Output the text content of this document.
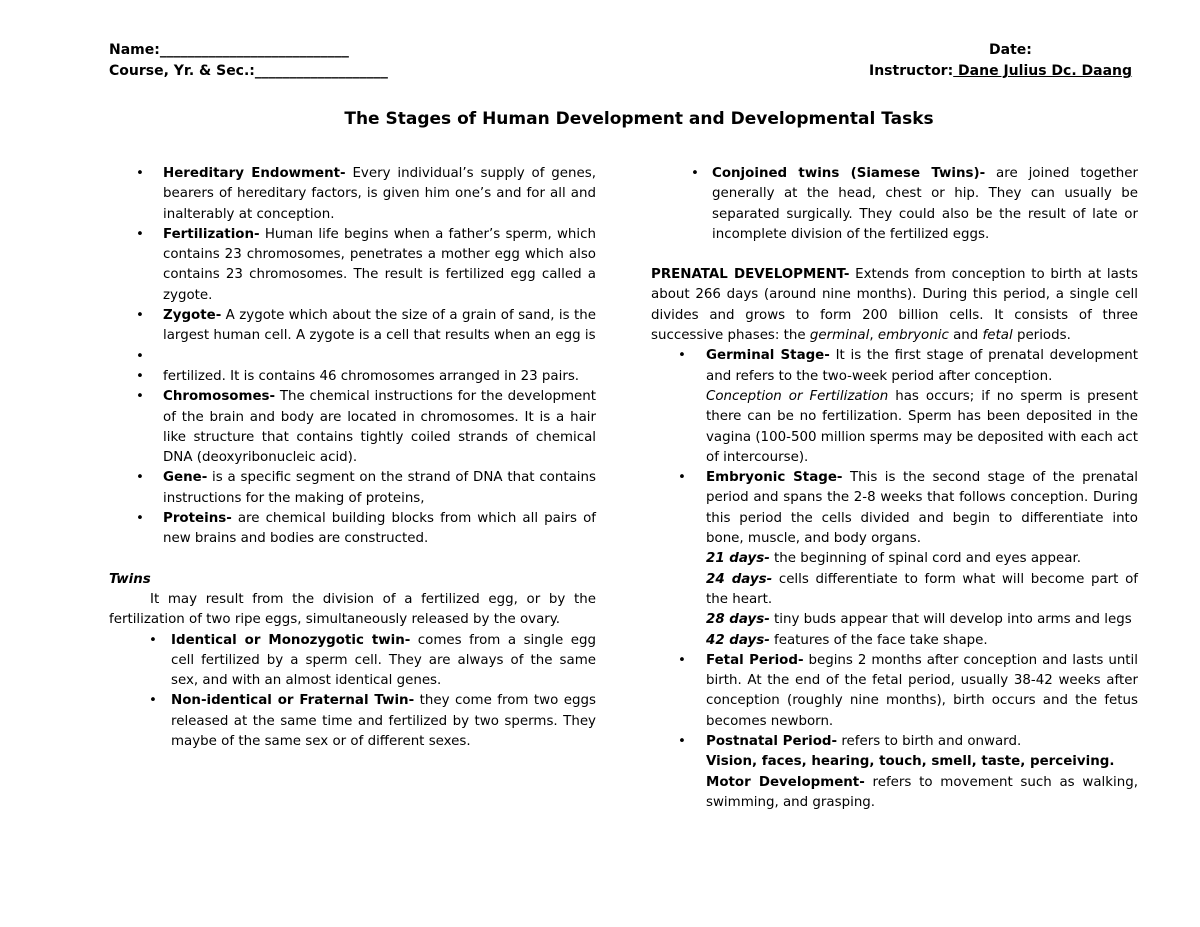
Name:___________________________
Course, Yr. & Sec.:___________________
Date:
Instructor: Dane Julius Dc. Daang
The Stages of Human Development and Developmental Tasks
• Hereditary Endowment- Every individual’s supply of genes, bearers of hereditary factors, is given him one’s and for all and inalterably at conception.
• Fertilization- Human life begins when a father’s sperm, which contains 23 chromosomes, penetrates a mother egg which also contains 23 chromosomes. The result is fertilized egg called a zygote.
• Zygote- A zygote which about the size of a grain of sand, is the largest human cell. A zygote is a cell that results when an egg is
•
• fertilized. It is contains 46 chromosomes arranged in 23 pairs.
• Chromosomes- The chemical instructions for the development of the brain and body are located in chromosomes. It is a hair like structure that contains tightly coiled strands of chemical DNA (deoxyribonucleic acid).
• Gene- is a specific segment on the strand of DNA that contains instructions for the making of proteins,
• Proteins- are chemical building blocks from which all pairs of new brains and bodies are constructed.
Twins
It may result from the division of a fertilized egg, or by the fertilization of two ripe eggs, simultaneously released by the ovary.
• Identical or Monozygotic twin- comes from a single egg cell fertilized by a sperm cell. They are always of the same sex, and with an almost identical genes.
• Non-identical or Fraternal Twin- they come from two eggs released at the same time and fertilized by two sperms. They maybe of the same sex or of different sexes.
• Conjoined twins (Siamese Twins)- are joined together generally at the head, chest or hip. They can usually be separated surgically. They could also be the result of late or incomplete division of the fertilized eggs.
PRENATAL DEVELOPMENT- Extends from conception to birth at lasts about 266 days (around nine months). During this period, a single cell divides and grows to form 200 billion cells. It consists of three successive phases: the germinal, embryonic and fetal periods.
• Germinal Stage- It is the first stage of prenatal development and refers to the two-week period after conception.
Conception or Fertilization has occurs; if no sperm is present there can be no fertilization. Sperm has been deposited in the vagina (100-500 million sperms may be deposited with each act of intercourse).
• Embryonic Stage- This is the second stage of the prenatal period and spans the 2-8 weeks that follows conception. During this period the cells divided and begin to differentiate into bone, muscle, and body organs.
21 days- the beginning of spinal cord and eyes appear.
24 days- cells differentiate to form what will become part of the heart.
28 days- tiny buds appear that will develop into arms and legs
42 days- features of the face take shape.
• Fetal Period- begins 2 months after conception and lasts until birth. At the end of the fetal period, usually 38-42 weeks after conception (roughly nine months), birth occurs and the fetus becomes newborn.
• Postnatal Period- refers to birth and onward.
Vision, faces, hearing, touch, smell, taste, perceiving.
Motor Development- refers to movement such as walking, swimming, and grasping.
